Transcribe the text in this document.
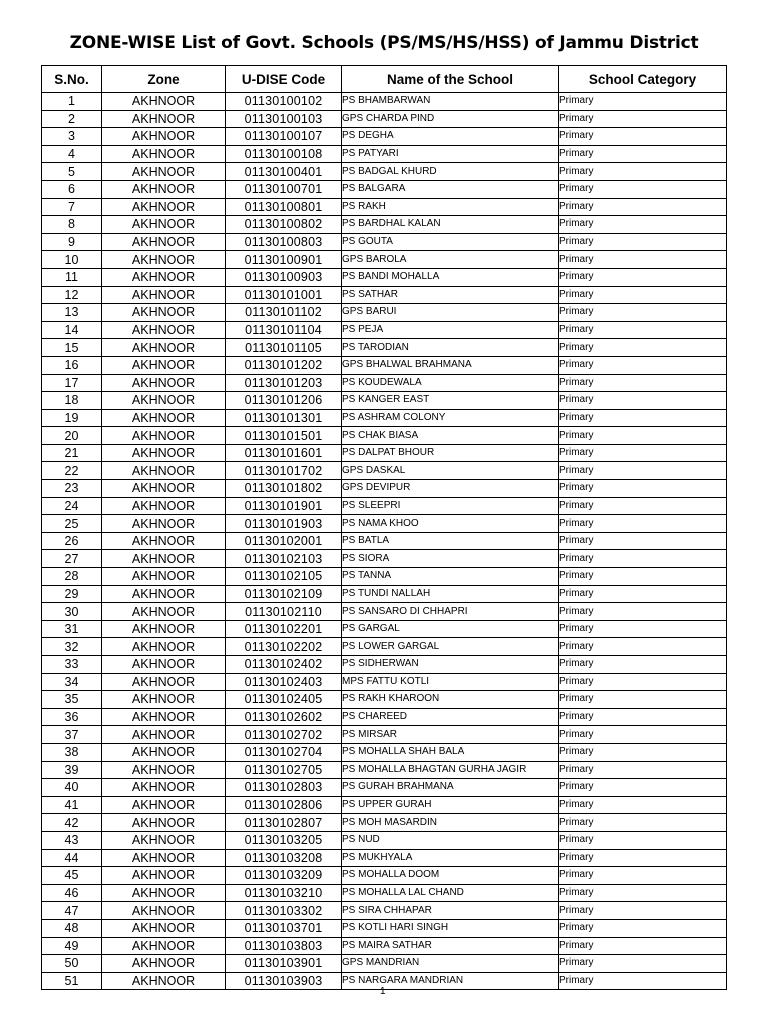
ZONE-WISE List of Govt. Schools (PS/MS/HS/HSS) of Jammu District
S.No.	Zone	U-DISE Code	Name of the School	School Category
1	AKHNOOR	01130100102	PS BHAMBARWAN	Primary
2	AKHNOOR	01130100103	GPS CHARDA PIND	Primary
3	AKHNOOR	01130100107	PS DEGHA	Primary
4	AKHNOOR	01130100108	PS PATYARI	Primary
5	AKHNOOR	01130100401	PS BADGAL KHURD	Primary
6	AKHNOOR	01130100701	PS BALGARA	Primary
7	AKHNOOR	01130100801	PS RAKH	Primary
8	AKHNOOR	01130100802	PS BARDHAL KALAN	Primary
9	AKHNOOR	01130100803	PS GOUTA	Primary
10	AKHNOOR	01130100901	GPS BAROLA	Primary
11	AKHNOOR	01130100903	PS BANDI MOHALLA	Primary
12	AKHNOOR	01130101001	PS SATHAR	Primary
13	AKHNOOR	01130101102	GPS BARUI	Primary
14	AKHNOOR	01130101104	PS PEJA	Primary
15	AKHNOOR	01130101105	PS TARODIAN	Primary
16	AKHNOOR	01130101202	GPS BHALWAL BRAHMANA	Primary
17	AKHNOOR	01130101203	PS KOUDEWALA	Primary
18	AKHNOOR	01130101206	PS KANGER EAST	Primary
19	AKHNOOR	01130101301	PS ASHRAM COLONY	Primary
20	AKHNOOR	01130101501	PS CHAK BIASA	Primary
21	AKHNOOR	01130101601	PS DALPAT BHOUR	Primary
22	AKHNOOR	01130101702	GPS DASKAL	Primary
23	AKHNOOR	01130101802	GPS DEVIPUR	Primary
24	AKHNOOR	01130101901	PS SLEEPRI	Primary
25	AKHNOOR	01130101903	PS NAMA KHOO	Primary
26	AKHNOOR	01130102001	PS BATLA	Primary
27	AKHNOOR	01130102103	PS SIORA	Primary
28	AKHNOOR	01130102105	PS TANNA	Primary
29	AKHNOOR	01130102109	PS TUNDI NALLAH	Primary
30	AKHNOOR	01130102110	PS SANSARO DI CHHAPRI	Primary
31	AKHNOOR	01130102201	PS GARGAL	Primary
32	AKHNOOR	01130102202	PS LOWER GARGAL	Primary
33	AKHNOOR	01130102402	PS SIDHERWAN	Primary
34	AKHNOOR	01130102403	MPS FATTU KOTLI	Primary
35	AKHNOOR	01130102405	PS RAKH KHAROON	Primary
36	AKHNOOR	01130102602	PS CHAREED	Primary
37	AKHNOOR	01130102702	PS MIRSAR	Primary
38	AKHNOOR	01130102704	PS MOHALLA SHAH BALA	Primary
39	AKHNOOR	01130102705	PS MOHALLA BHAGTAN GURHA JAGIR	Primary
40	AKHNOOR	01130102803	PS GURAH BRAHMANA	Primary
41	AKHNOOR	01130102806	PS UPPER GURAH	Primary
42	AKHNOOR	01130102807	PS MOH MASARDIN	Primary
43	AKHNOOR	01130103205	PS NUD	Primary
44	AKHNOOR	01130103208	PS MUKHYALA	Primary
45	AKHNOOR	01130103209	PS MOHALLA DOOM	Primary
46	AKHNOOR	01130103210	PS MOHALLA LAL CHAND	Primary
47	AKHNOOR	01130103302	PS SIRA CHHAPAR	Primary
48	AKHNOOR	01130103701	PS KOTLI HARI SINGH	Primary
49	AKHNOOR	01130103803	PS MAIRA SATHAR	Primary
50	AKHNOOR	01130103901	GPS MANDRIAN	Primary
51	AKHNOOR	01130103903	PS NARGARA MANDRIAN	Primary
1
